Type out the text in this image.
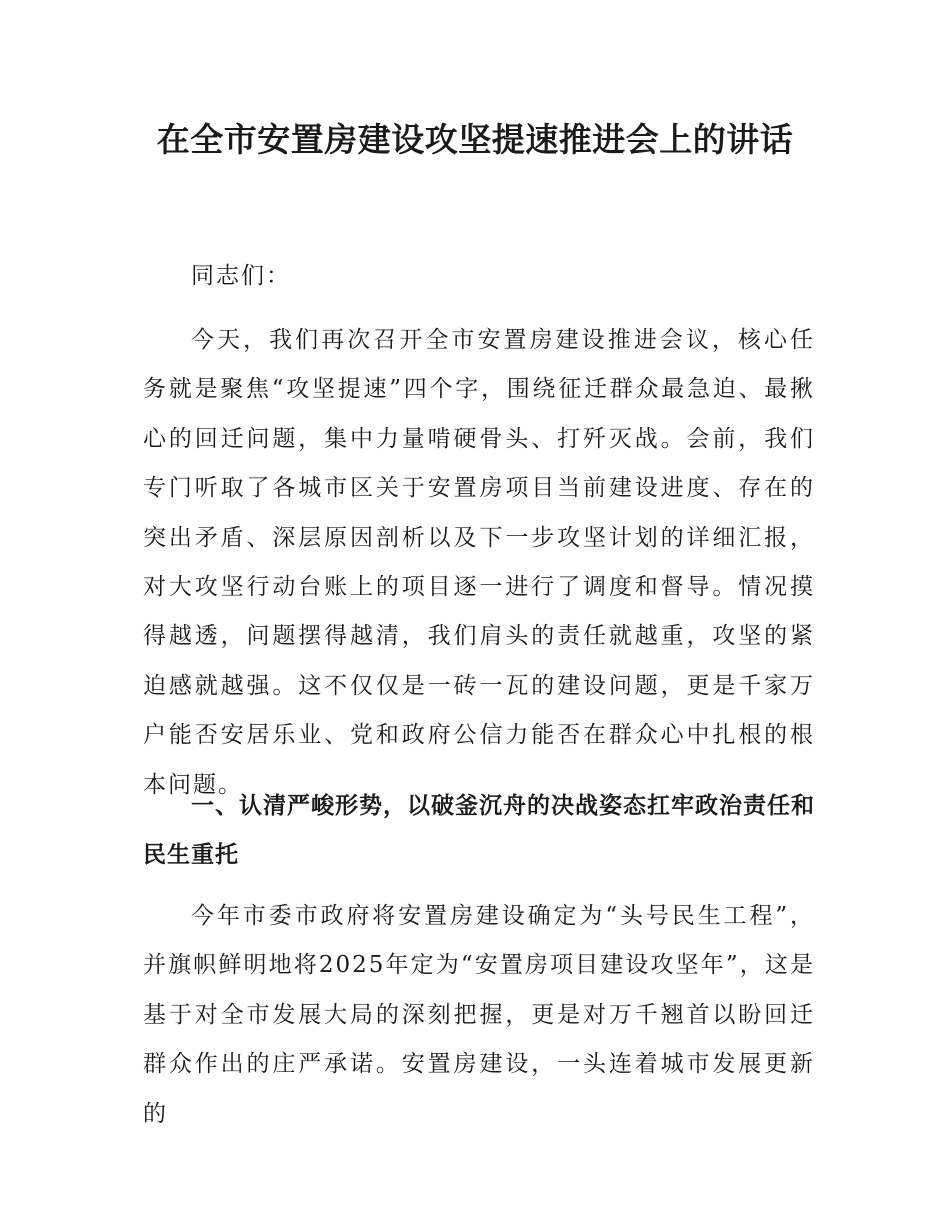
在全市安置房建设攻坚提速推进会上的讲话

同志们：

今天，我们再次召开全市安置房建设推进会议，核心任务就是聚焦“攻坚提速”四个字，围绕征迁群众最急迫、最揪心的回迁问题，集中力量啃硬骨头、打歼灭战。会前，我们专门听取了各城市区关于安置房项目当前建设进度、存在的突出矛盾、深层原因剖析以及下一步攻坚计划的详细汇报，对大攻坚行动台账上的项目逐一进行了调度和督导。情况摸得越透，问题摆得越清，我们肩头的责任就越重，攻坚的紧迫感就越强。这不仅仅是一砖一瓦的建设问题，更是千家万户能否安居乐业、党和政府公信力能否在群众心中扎根的根本问题。

一、认清严峻形势，以破釜沉舟的决战姿态扛牢政治责任和民生重托

今年市委市政府将安置房建设确定为“头号民生工程”，并旗帜鲜明地将2025年定为“安置房项目建设攻坚年”，这是基于对全市发展大局的深刻把握，更是对万千翘首以盼回迁群众作出的庄严承诺。安置房建设，一头连着城市发展更新的
